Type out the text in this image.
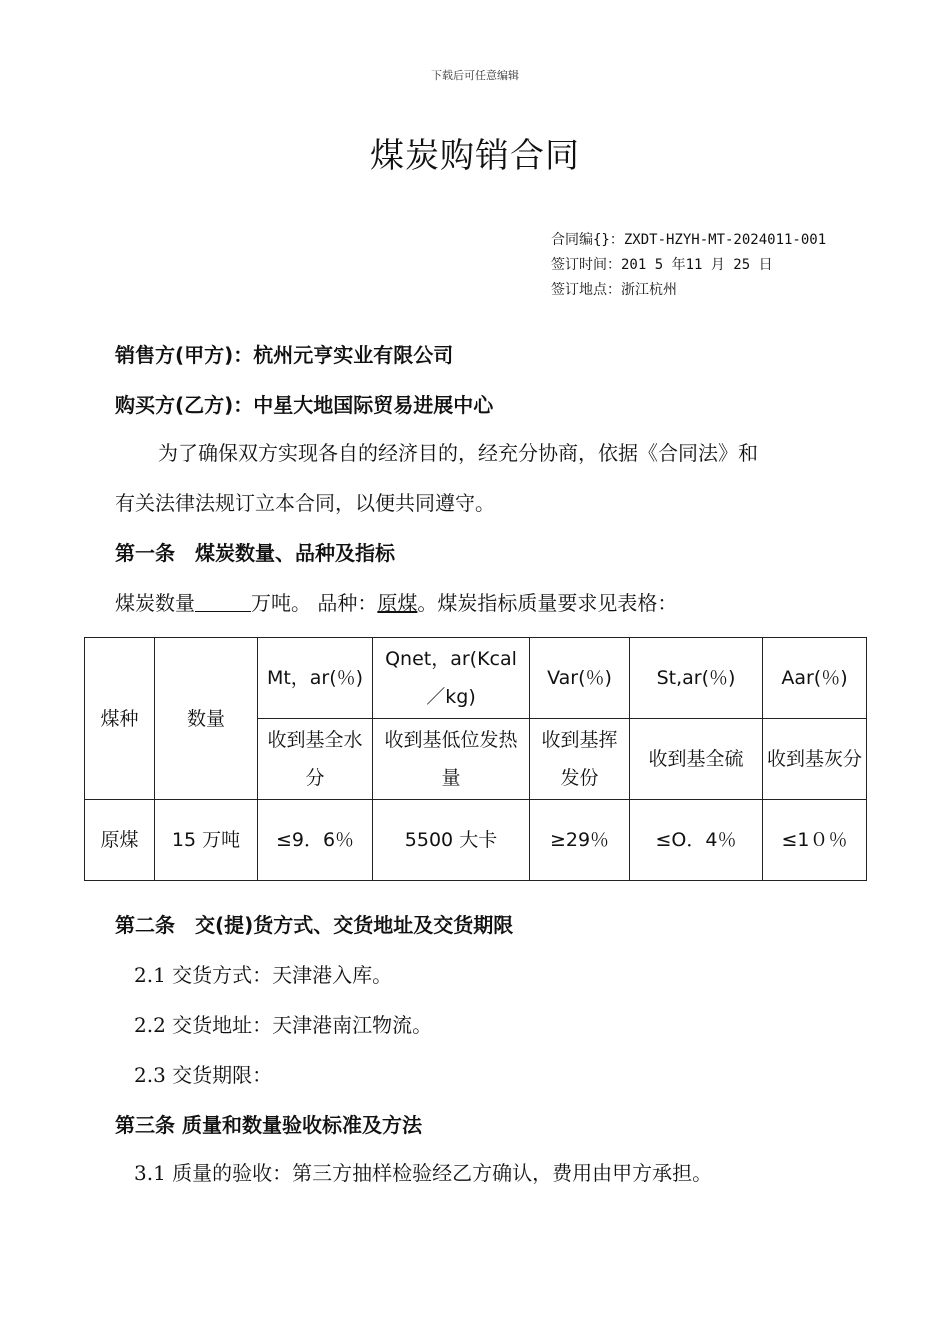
下载后可任意编辑
煤炭购销合同
合同编{}：ZXDT-HZYH-MT-2024011-001
签订时间：201 5 年11 月 25 日
签订地点：浙江杭州
销售方(甲方)：杭州元亨实业有限公司
购买方(乙方)：中星大地国际贸易进展中心
为了确保双方实现各自的经济目的，经充分协商，依据《合同法》和
有关法律法规订立本合同，以便共同遵守。
第一条　煤炭数量、品种及指标
煤炭数量	万吨。 品种：原煤。煤炭指标质量要求见表格：
煤种	数量	Mt，ar(％)	Qnet，ar(Kcal／kg)	Var(％)	St,ar(％)	Aar(％)
		收到基全水分	收到基低位发热量	收到基挥发份	收到基全硫	收到基灰分
原煤	15 万吨	≤9．6％	5500 大卡	≥29％	≤O．4％	≤1０％
第二条　交(提)货方式、交货地址及交货期限
2.1 交货方式：天津港入库。
2.2 交货地址：天津港南江物流。
2.3 交货期限：
第三条 质量和数量验收标准及方法
3.1 质量的验收：第三方抽样检验经乙方确认，费用由甲方承担。
